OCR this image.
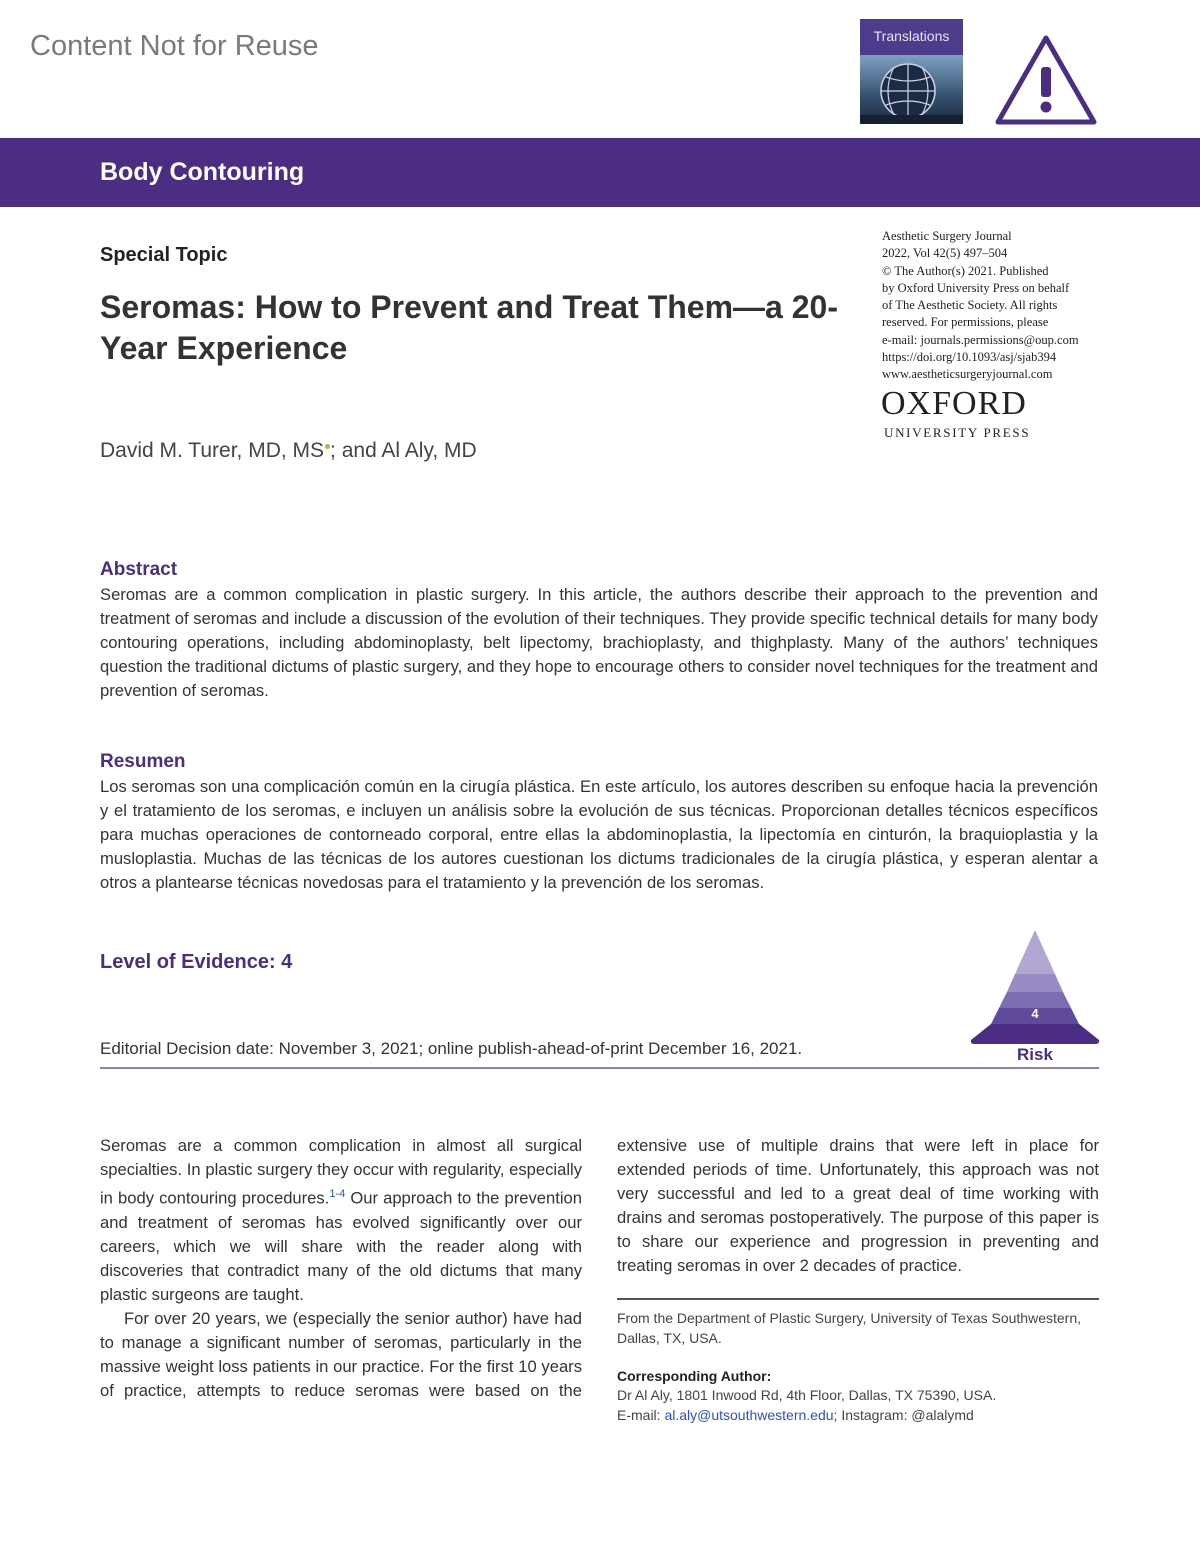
Content Not for Reuse	Translations
Body Contouring
Special Topic
Seromas: How to Prevent and Treat Them—a 20-Year Experience
David M. Turer, MD, MS ; and Al Aly, MD
Aesthetic Surgery Journal
2022, Vol 42(5) 497–504
© The Author(s) 2021. Published
by Oxford University Press on behalf
of The Aesthetic Society. All rights
reserved. For permissions, please
e-mail: journals.permissions@oup.com
https://doi.org/10.1093/asj/sjab394
www.aestheticsurgeryjournal.com
OXFORD
UNIVERSITY PRESS
Abstract
Seromas are a common complication in plastic surgery. In this article, the authors describe their approach to the prevention and treatment of seromas and include a discussion of the evolution of their techniques. They provide specific technical details for many body contouring operations, including abdominoplasty, belt lipectomy, brachioplasty, and thighplasty. Many of the authors’ techniques question the traditional dictums of plastic surgery, and they hope to encourage others to consider novel techniques for the treatment and prevention of seromas.
Resumen
Los seromas son una complicación común en la cirugía plástica. En este artículo, los autores describen su enfoque hacia la prevención y el tratamiento de los seromas, e incluyen un análisis sobre la evolución de sus técnicas. Proporcionan detalles técnicos específicos para muchas operaciones de contorneado corporal, entre ellas la abdominoplastia, la lipectomía en cinturón, la braquioplastia y la musloplastia. Muchas de las técnicas de los autores cuestionan los dictums tradicionales de la cirugía plástica, y esperan alentar a otros a plantearse técnicas novedosas para el tratamiento y la prevención de los seromas.
Level of Evidence: 4
4
Risk
Editorial Decision date: November 3, 2021; online publish-ahead-of-print December 16, 2021.

Seromas are a common complication in almost all surgical specialties. In plastic surgery they occur with regularity, especially in body contouring procedures.$^{1-4}$ Our approach to the prevention and treatment of seromas has evolved significantly over our careers, which we will share with the reader along with discoveries that contradict many of the old dictums that many plastic surgeons are taught.

For over 20 years, we (especially the senior author) have had to manage a significant number of seromas, particularly in the massive weight loss patients in our practice. For the first 10 years of practice, attempts to reduce seromas were based on the extensive use of multiple drains that were left in place for extended periods of time. Unfortunately, this approach was not very successful and led to a great deal of time working with drains and seromas postoperatively. The purpose of this paper is to share our experience and progression in preventing and treating seromas in over 2 decades of practice.

From the Department of Plastic Surgery, University of Texas Southwestern, Dallas, TX, USA.
Corresponding Author:
Dr Al Aly, 1801 Inwood Rd, 4th Floor, Dallas, TX 75390, USA.
E-mail: al.aly@utsouthwestern.edu; Instagram: @alalymd
